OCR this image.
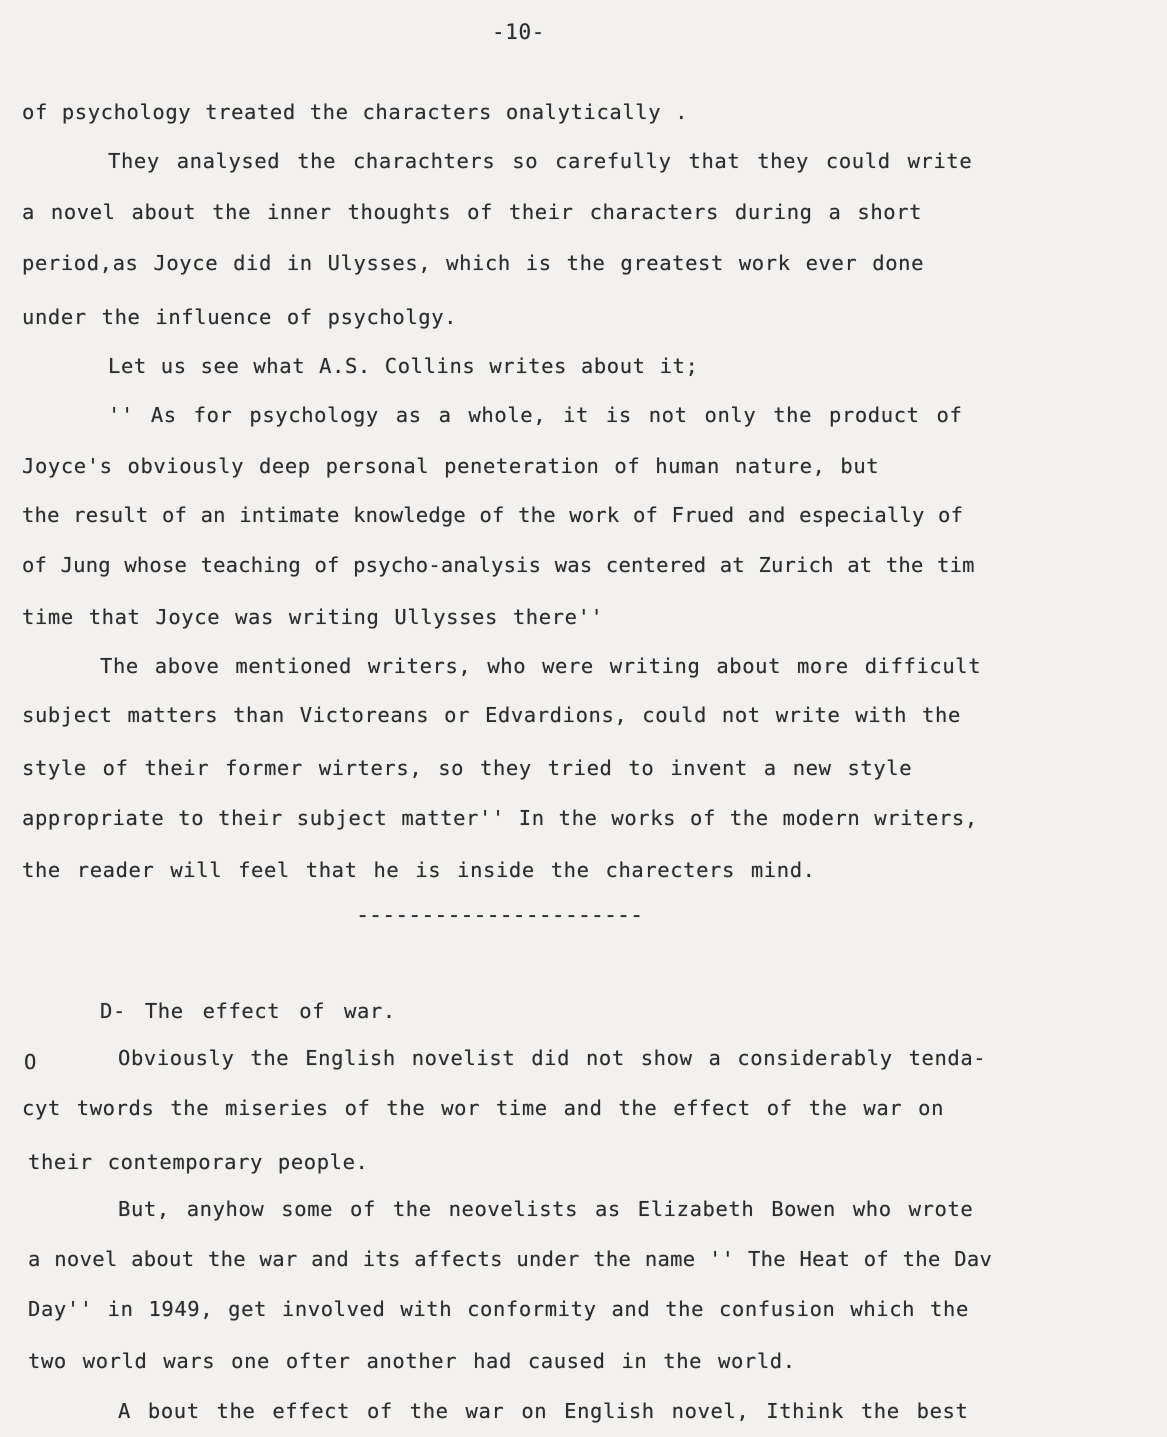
-10-
of psychology treated the characters onalytically .
They analysed the charachters so carefully that they could write
a novel about the inner thoughts of their characters during a short
period,as Joyce did in Ulysses, which is the greatest work ever done
under the influence of psycholgy.
Let us see what A.S. Collins writes about it;
'' As for psychology as a whole, it is not only the product of
Joyce's obviously deep personal peneteration of human nature, but
the result of an intimate knowledge of the work of Frued and especially of
of Jung whose teaching of psycho-analysis was centered at Zurich at the tim
time that Joyce was writing Ullysses there''
The above mentioned writers, who were writing about more difficult
subject matters than Victoreans or Edvardions, could not write with the
style of their former wirters, so they tried to invent a new style
appropriate to their subject matter'' In the works of the modern writers,
the reader will feel that he is inside the charecters mind.
----------------------
D- The effect of war.
O	Obviously the English novelist did not show a considerably tenda-
cyt twords the miseries of the wor time and the effect of the war on
their contemporary people.
But, anyhow some of the neovelists as Elizabeth Bowen who wrote
a novel about the war and its affects under the name '' The Heat of the Dav
Day'' in 1949, get involved with conformity and the confusion which the
two world wars one ofter another had caused in the world.
A bout the effect of the war on English novel, Ithink the best
